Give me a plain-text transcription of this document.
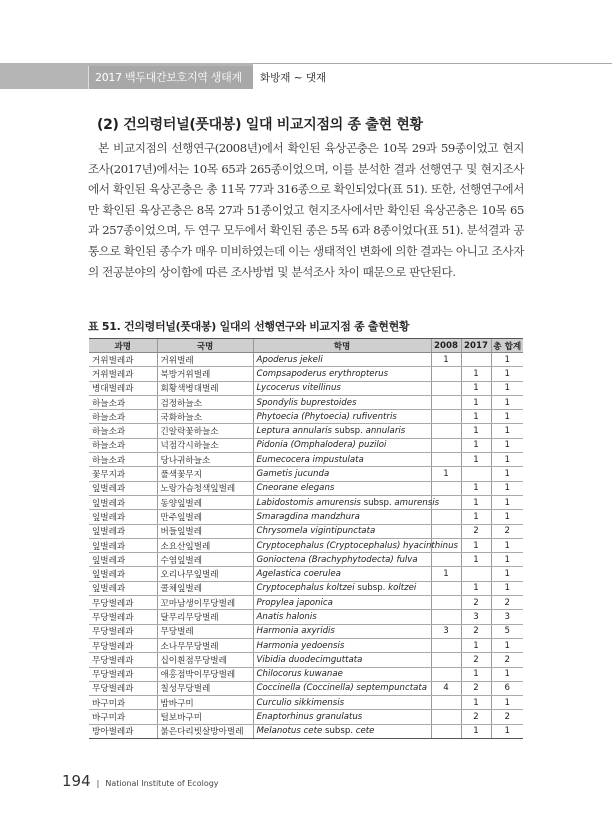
2017 백두대간보호지역 생태계 조사
화방재 ~ 댓재
(2) 건의령터널(풋대봉) 일대 비교지점의 종 출현 현황

본 비교지점의 선행연구(2008년)에서 확인된 육상곤충은 10목 29과 59종이었고 현지조사(2017년)에서는 10목 65과 265종이었으며, 이를 분석한 결과 선행연구 및 현지조사에서 확인된 육상곤충은 총 11목 77과 316종으로 확인되었다(표 51). 또한, 선행연구에서만 확인된 육상곤충은 8목 27과 51종이었고 현지조사에서만 확인된 육상곤충은 10목 65과 257종이었으며, 두 연구 모두에서 확인된 종은 5목 6과 8종이었다(표 51). 분석결과 공통으로 확인된 종수가 매우 미비하였는데 이는 생태적인 변화에 의한 결과는 아니고 조사자의 전공분야의 상이함에 따른 조사방법 및 분석조사 차이 때문으로 판단된다.

표 51. 건의령터널(풋대봉) 일대의 선행연구와 비교지점 종 출현현황
과명	국명	학명	2008	2017	총 합계
거위벌레과	거위벌레	Apoderus jekeli	1		1
거위벌레과	북방거위벌레	Compsapoderus erythropterus		1	1
병대벌레과	회황색병대벌레	Lycocerus vitellinus		1	1
하늘소과	검정하늘소	Spondylis buprestoides		1	1
하늘소과	국화하늘소	Phytoecia (Phytoecia) rufiventris		1	1
하늘소과	긴알락꽃하늘소	Leptura annularis subsp. annularis		1	1
하늘소과	넉점각시하늘소	Pidonia (Omphalodera) puziloi		1	1
하늘소과	당나귀하늘소	Eumecocera impustulata		1	1
꽃무지과	풀색꽃무지	Gametis jucunda	1		1
잎벌레과	노랑가슴청색잎벌레	Cneorane elegans		1	1
잎벌레과	동양잎벌레	Labidostomis amurensis subsp. amurensis		1	1
잎벌레과	만주잎벌레	Smaragdina mandzhura		1	1
잎벌레과	버들잎벌레	Chrysomela vigintipunctata		2	2
잎벌레과	소요산잎벌레	Cryptocephalus (Cryptocephalus) hyacinthinus		1	1
잎벌레과	수염잎벌레	Gonioctena (Brachyphytodecta) fulva		1	1
잎벌레과	오리나무잎벌레	Agelastica coerulea	1		1
잎벌레과	콜체잎벌레	Cryptocephalus koltzei subsp. koltzei		1	1
무당벌레과	꼬마남생이무당벌레	Propylea japonica		2	2
무당벌레과	달무리무당벌레	Anatis halonis		3	3
무당벌레과	무당벌레	Harmonia axyridis	3	2	5
무당벌레과	소나무무당벌레	Harmonia yedoensis		1	1
무당벌레과	십이흰점무당벌레	Vibidia duodecimguttata		2	2
무당벌레과	애홍점박이무당벌레	Chilocorus kuwanae		1	1
무당벌레과	칠성무당벌레	Coccinella (Coccinella) septempunctata	4	2	6
바구미과	밤바구미	Curculio sikkimensis		1	1
바구미과	털보바구미	Enaptorhinus granulatus		2	2
방아벌레과	붉은다리빗살방아벌레	Melanotus cete subsp. cete		1	1
194 | National Institute of Ecology
